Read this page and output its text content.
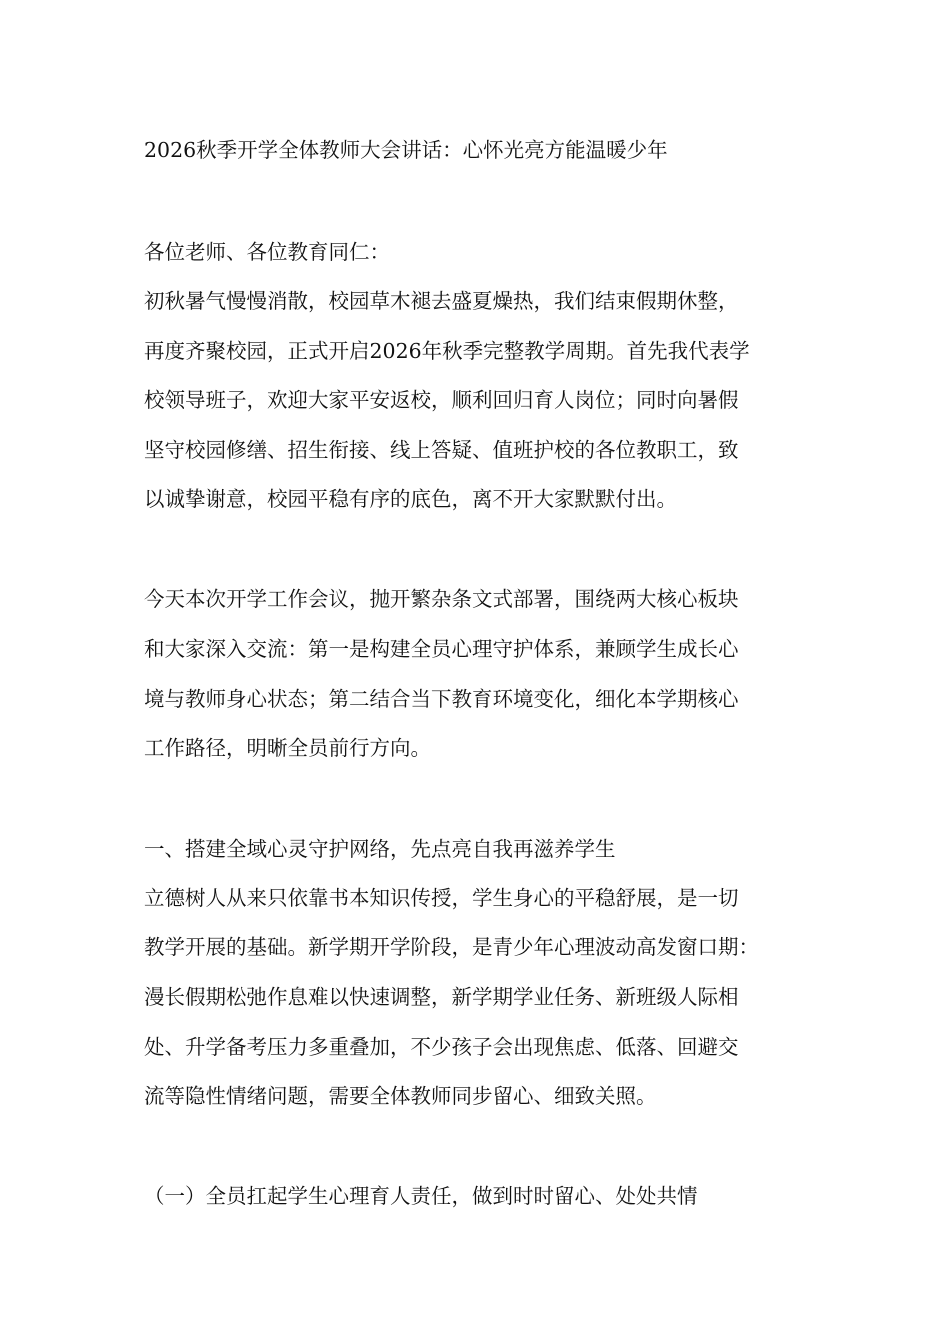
2026秋季开学全体教师大会讲话：心怀光亮方能温暖少年
各位老师、各位教育同仁：
初秋暑气慢慢消散，校园草木褪去盛夏燥热，我们结束假期休整，
再度齐聚校园，正式开启2026年秋季完整教学周期。首先我代表学
校领导班子，欢迎大家平安返校，顺利回归育人岗位；同时向暑假
坚守校园修缮、招生衔接、线上答疑、值班护校的各位教职工，致
以诚挚谢意，校园平稳有序的底色，离不开大家默默付出。
今天本次开学工作会议，抛开繁杂条文式部署，围绕两大核心板块
和大家深入交流：第一是构建全员心理守护体系，兼顾学生成长心
境与教师身心状态；第二结合当下教育环境变化，细化本学期核心
工作路径，明晰全员前行方向。
一、搭建全域心灵守护网络，先点亮自我再滋养学生
立德树人从来只依靠书本知识传授，学生身心的平稳舒展，是一切
教学开展的基础。新学期开学阶段，是青少年心理波动高发窗口期：
漫长假期松弛作息难以快速调整，新学期学业任务、新班级人际相
处、升学备考压力多重叠加，不少孩子会出现焦虑、低落、回避交
流等隐性情绪问题，需要全体教师同步留心、细致关照。
（一）全员扛起学生心理育人责任，做到时时留心、处处共情
